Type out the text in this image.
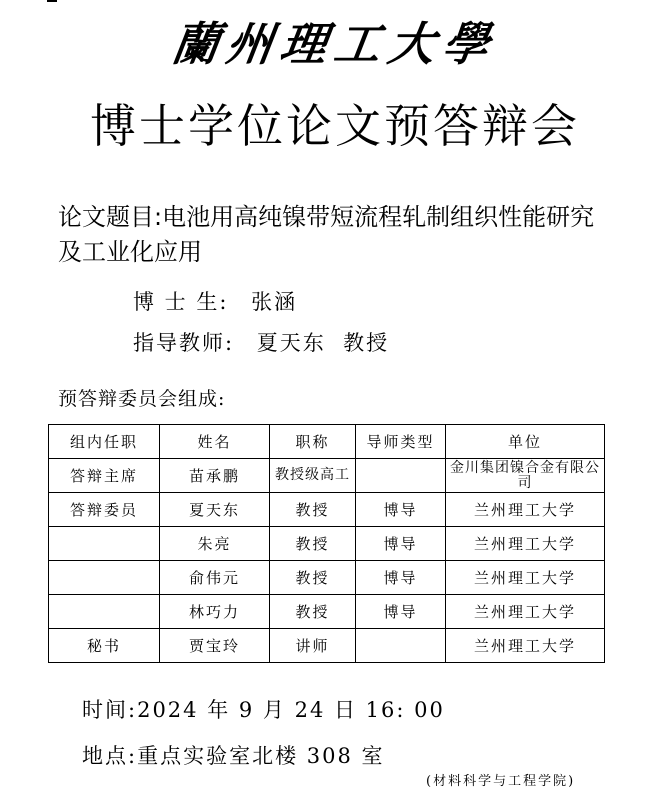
蘭州理工大學
博士学位论文预答辩会
论文题目:电池用高纯镍带短流程轧制组织性能研究及工业化应用
博 士 生: 张涵
指导教师: 夏天东  教授
预答辩委员会组成:
组内任职	姓名	职称	导师类型	单位
答辩主席	苗承鹏	教授级高工		金川集团镍合金有限公司
答辩委员	夏天东	教授	博导	兰州理工大学
	朱亮	教授	博导	兰州理工大学
	俞伟元	教授	博导	兰州理工大学
	林巧力	教授	博导	兰州理工大学
秘书	贾宝玲	讲师		兰州理工大学
时间:2024 年 9 月 24 日 16: 00
地点:重点实验室北楼 308 室
(材料科学与工程学院)
